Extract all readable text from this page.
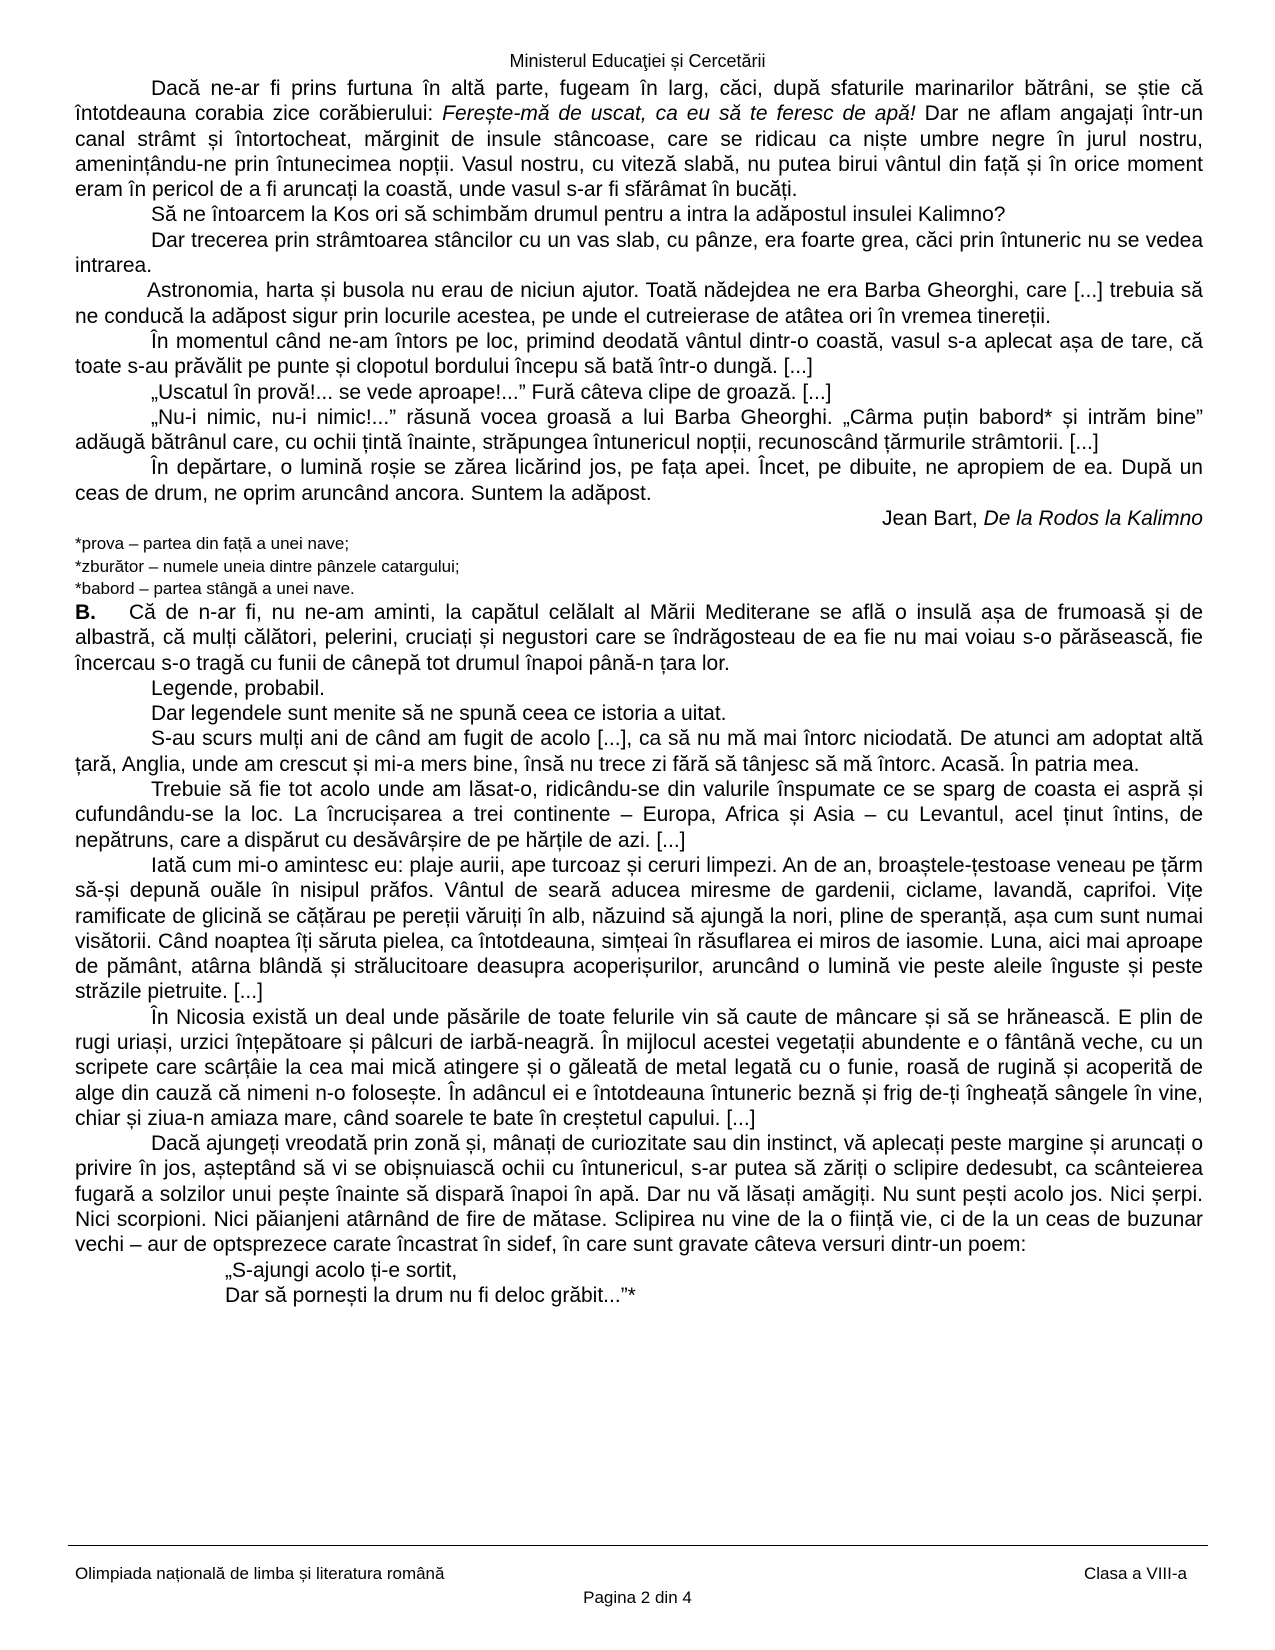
Ministerul Educaţiei și Cercetării

Dacă ne-ar fi prins furtuna în altă parte, fugeam în larg, căci, după sfaturile marinarilor bătrâni, se știe că întotdeauna corabia zice corăbierului: Ferește-mă de uscat, ca eu să te feresc de apă! Dar ne aflam angajați într-un canal strâmt și întortocheat, mărginit de insule stâncoase, care se ridicau ca niște umbre negre în jurul nostru, amenințându-ne prin întunecimea nopții. Vasul nostru, cu viteză slabă, nu putea birui vântul din față și în orice moment eram în pericol de a fi aruncați la coastă, unde vasul s-ar fi sfărâmat în bucăți.

Să ne întoarcem la Kos ori să schimbăm drumul pentru a intra la adăpostul insulei Kalimno?

Dar trecerea prin strâmtoarea stâncilor cu un vas slab, cu pânze, era foarte grea, căci prin întuneric nu se vedea intrarea.

Astronomia, harta și busola nu erau de niciun ajutor. Toată nădejdea ne era Barba Gheorghi, care [...] trebuia să ne conducă la adăpost sigur prin locurile acestea, pe unde el cutreierase de atâtea ori în vremea tinereții.

În momentul când ne-am întors pe loc, primind deodată vântul dintr-o coastă, vasul s-a aplecat așa de tare, că toate s-au prăvălit pe punte și clopotul bordului începu să bată într-o dungă. [...]

„Uscatul în provă!... se vede aproape!...” Fură câteva clipe de groază. [...]

„Nu-i nimic, nu-i nimic!...” răsună vocea groasă a lui Barba Gheorghi. „Cârma puțin babord* și intrăm bine” adăugă bătrânul care, cu ochii țintă înainte, străpungea întunericul nopții, recunoscând țărmurile strâmtorii. [...]

În depărtare, o lumină roșie se zărea licărind jos, pe fața apei. Încet, pe dibuite, ne apropiem de ea. După un ceas de drum, ne oprim aruncând ancora. Suntem la adăpost.

Jean Bart, De la Rodos la Kalimno

*prova – partea din față a unei nave;
*zburător – numele uneia dintre pânzele catargului;
*babord – partea stângă a unei nave.

B. Că de n-ar fi, nu ne-am aminti, la capătul celălalt al Mării Mediterane se află o insulă așa de frumoasă și de albastră, că mulți călători, pelerini, cruciați și negustori care se îndrăgosteau de ea fie nu mai voiau s-o părăsească, fie încercau s-o tragă cu funii de cânepă tot drumul înapoi până-n țara lor.

Legende, probabil.

Dar legendele sunt menite să ne spună ceea ce istoria a uitat.

S-au scurs mulți ani de când am fugit de acolo [...], ca să nu mă mai întorc niciodată. De atunci am adoptat altă țară, Anglia, unde am crescut și mi-a mers bine, însă nu trece zi fără să tânjesc să mă întorc. Acasă. În patria mea.

Trebuie să fie tot acolo unde am lăsat-o, ridicându-se din valurile înspumate ce se sparg de coasta ei aspră și cufundându-se la loc. La încrucișarea a trei continente – Europa, Africa și Asia – cu Levantul, acel ținut întins, de nepătruns, care a dispărut cu desăvârșire de pe hărțile de azi. [...]

Iată cum mi-o amintesc eu: plaje aurii, ape turcoaz și ceruri limpezi. An de an, broaștele-țestoase veneau pe țărm să-și depună ouăle în nisipul prăfos. Vântul de seară aducea miresme de gardenii, ciclame, lavandă, caprifoi. Vițe ramificate de glicină se cățărau pe pereții văruiți în alb, năzuind să ajungă la nori, pline de speranță, așa cum sunt numai visătorii. Când noaptea îți săruta pielea, ca întotdeauna, simțeai în răsuflarea ei miros de iasomie. Luna, aici mai aproape de pământ, atârna blândă și strălucitoare deasupra acoperișurilor, aruncând o lumină vie peste aleile înguste și peste străzile pietruite. [...]

În Nicosia există un deal unde păsările de toate felurile vin să caute de mâncare și să se hrănească. E plin de rugi uriași, urzici înțepătoare și pâlcuri de iarbă-neagră. În mijlocul acestei vegetații abundente e o fântână veche, cu un scripete care scârțâie la cea mai mică atingere și o găleată de metal legată cu o funie, roasă de rugină și acoperită de alge din cauză că nimeni n-o folosește. În adâncul ei e întotdeauna întuneric beznă și frig de-ți îngheață sângele în vine, chiar și ziua-n amiaza mare, când soarele te bate în creștetul capului. [...]

Dacă ajungeți vreodată prin zonă și, mânați de curiozitate sau din instinct, vă aplecați peste margine și aruncați o privire în jos, așteptând să vi se obișnuiască ochii cu întunericul, s-ar putea să zăriți o sclipire dedesubt, ca scânteierea fugară a solzilor unui pește înainte să dispară înapoi în apă. Dar nu vă lăsați amăgiți. Nu sunt pești acolo jos. Nici șerpi. Nici scorpioni. Nici păianjeni atârnând de fire de mătase. Sclipirea nu vine de la o ființă vie, ci de la un ceas de buzunar vechi – aur de optsprezece carate încastrat în sidef, în care sunt gravate câteva versuri dintr-un poem:

„S-ajungi acolo ți-e sortit,

Dar să pornești la drum nu fi deloc grăbit...”*

Olimpiada națională de limba și literatura română	Clasa a VIII-a
Pagina 2 din 4
